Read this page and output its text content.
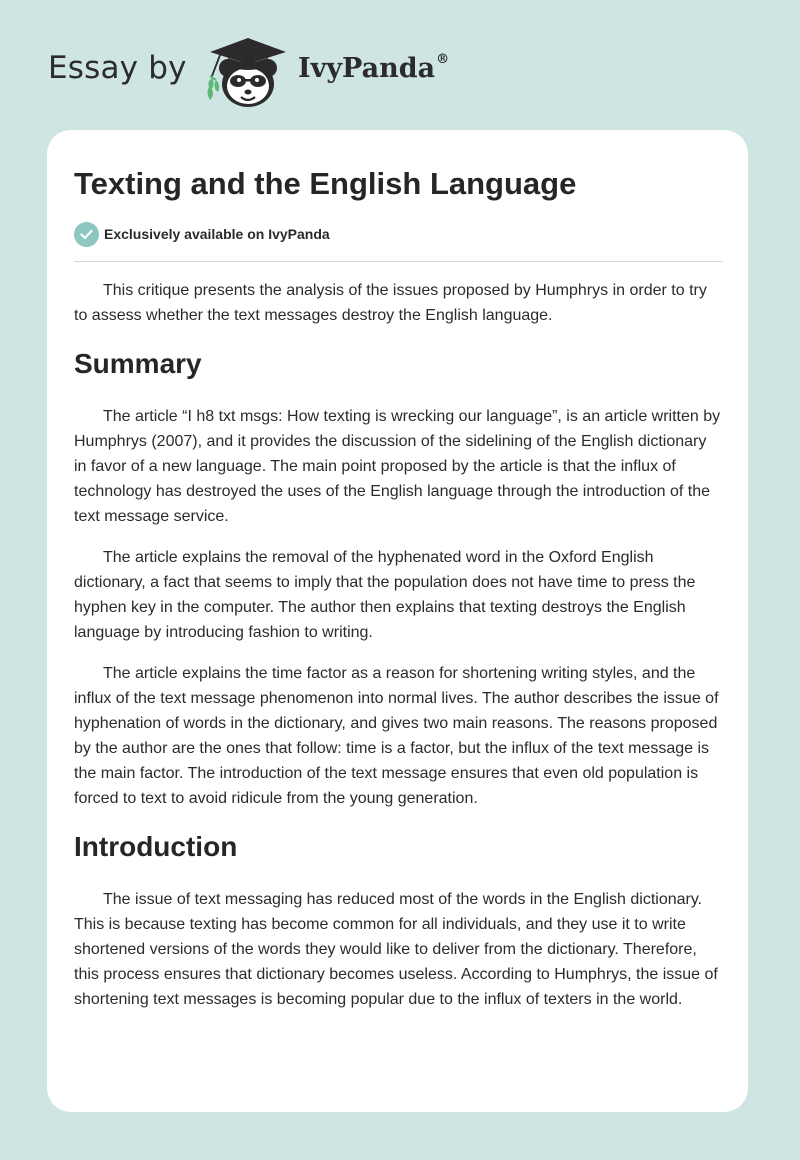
Essay by	IvyPanda®
Texting and the English Language
Exclusively available on IvyPanda

This critique presents the analysis of the issues proposed by Humphrys in order to try to assess whether the text messages destroy the English language.

Summary

The article “I h8 txt msgs: How texting is wrecking our language”, is an article written by Humphrys (2007), and it provides the discussion of the sidelining of the English dictionary in favor of a new language. The main point proposed by the article is that the influx of technology has destroyed the uses of the English language through the introduction of the text message service.

The article explains the removal of the hyphenated word in the Oxford English dictionary, a fact that seems to imply that the population does not have time to press the hyphen key in the computer. The author then explains that texting destroys the English language by introducing fashion to writing.

The article explains the time factor as a reason for shortening writing styles, and the influx of the text message phenomenon into normal lives. The author describes the issue of hyphenation of words in the dictionary, and gives two main reasons. The reasons proposed by the author are the ones that follow: time is a factor, but the influx of the text message is the main factor. The introduction of the text message ensures that even old population is forced to text to avoid ridicule from the young generation.

Introduction

The issue of text messaging has reduced most of the words in the English dictionary. This is because texting has become common for all individuals, and they use it to write shortened versions of the words they would like to deliver from the dictionary. Therefore, this process ensures that dictionary becomes useless. According to Humphrys, the issue of shortening text messages is becoming popular due to the influx of texters in the world.
